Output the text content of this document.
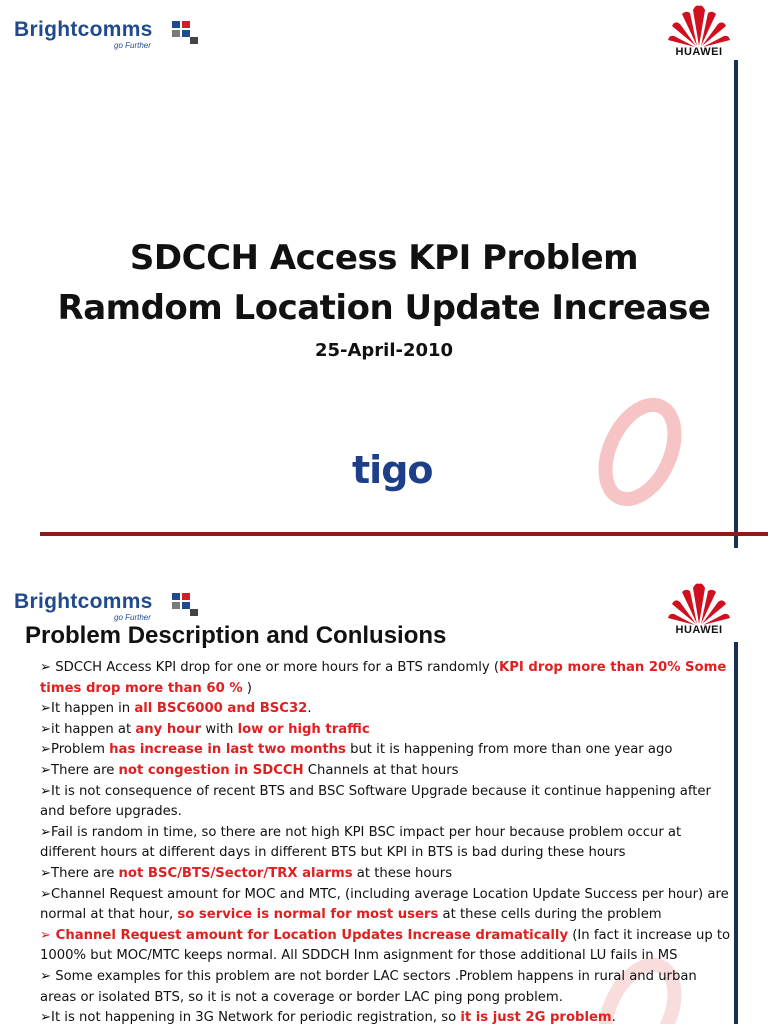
Brightcomms
go Further
HUAWEI
SDCCH Access KPI Problem
Ramdom Location Update Increase
25-April-2010
tigo
Brightcomms
go Further
HUAWEI
Problem Description and Conlusions

➢ SDCCH Access KPI drop for one or more hours for a BTS randomly (KPI drop more than 20% Some times drop more than 60 % )

➢It happen in all BSC6000 and BSC32.

➢it happen at any hour with low or high traffic

➢Problem has increase in last two months but it is happening from more than one year ago

➢There are not congestion in SDCCH Channels at that hours

➢It is not consequence of recent BTS and BSC Software Upgrade because it continue happening after and before upgrades.

➢Fail is random in time, so there are not high KPI BSC impact per hour because problem occur at different hours at different days in different BTS but KPI in BTS is bad during these hours

➢There are not BSC/BTS/Sector/TRX alarms at these hours

➢Channel Request amount for MOC and MTC, (including average Location Update Success per hour) are normal at that hour, so service is normal for most users at these cells during the problem

➢ Channel Request amount for Location Updates Increase dramatically (In fact it increase up to 1000% but MOC/MTC keeps normal. All SDDCH Inm asignment for those additional LU fails in MS

➢ Some examples for this problem are not border LAC sectors .Problem happens in rural and urban areas or isolated BTS, so it is not a coverage or border LAC ping pong problem.

➢It is not happening in 3G Network for periodic registration, so it is just 2G problem.
